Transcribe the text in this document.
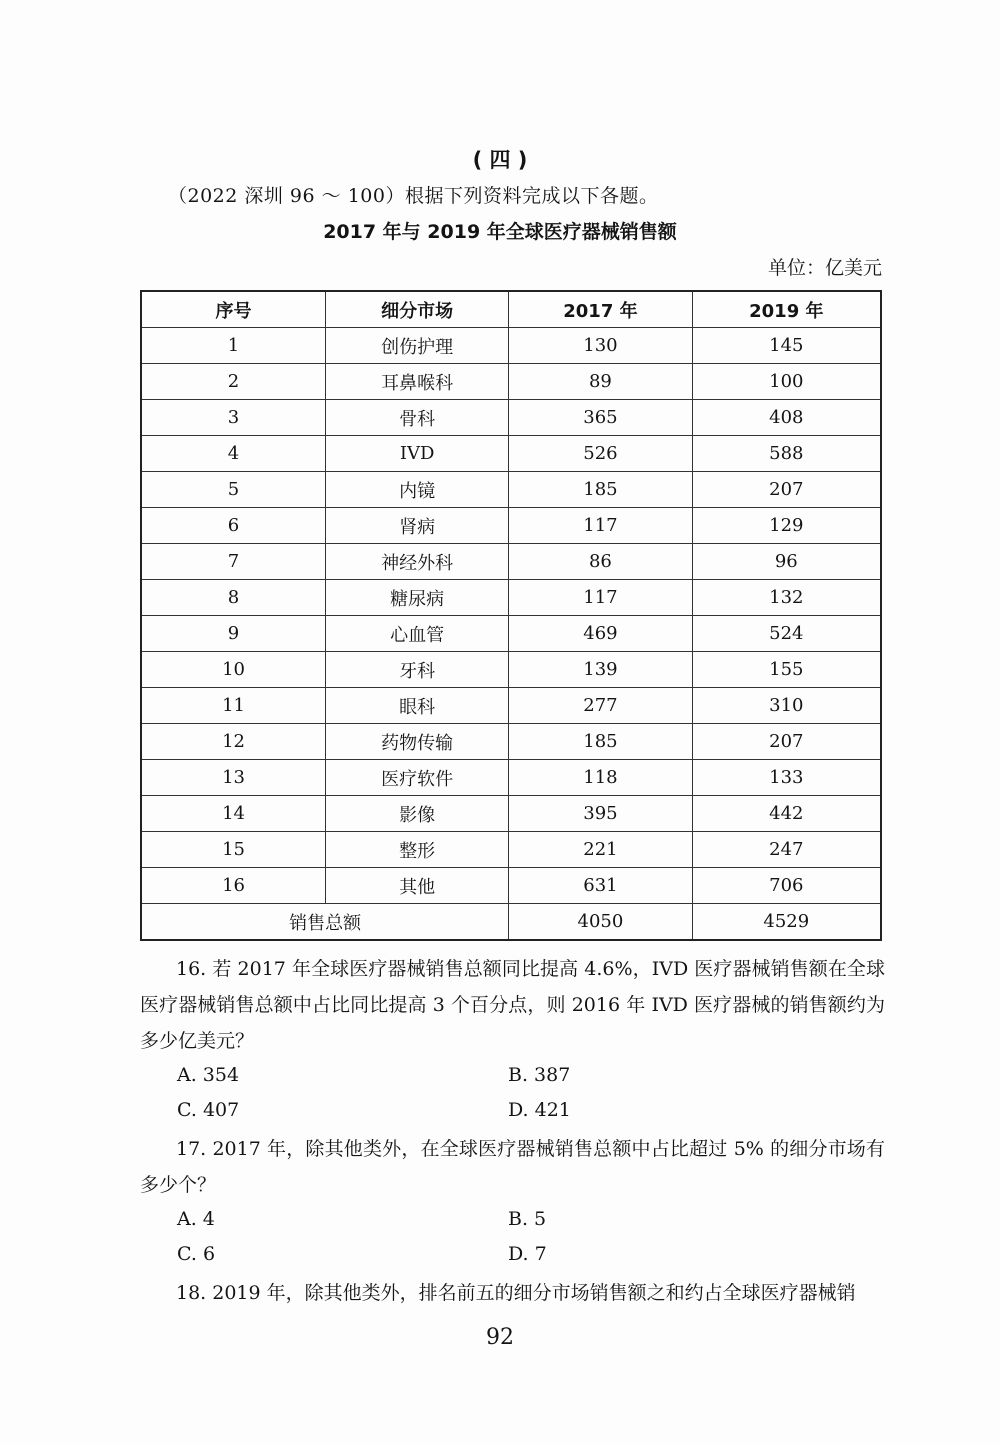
( 四 )
（2022 深圳 96 ～ 100）根据下列资料完成以下各题。
2017 年与 2019 年全球医疗器械销售额
单位：亿美元
序号	细分市场	2017 年	2019 年
1	创伤护理	130	145
2	耳鼻喉科	89	100
3	骨科	365	408
4	IVD	526	588
5	内镜	185	207
6	肾病	117	129
7	神经外科	86	96
8	糖尿病	117	132
9	心血管	469	524
10	牙科	139	155
11	眼科	277	310
12	药物传输	185	207
13	医疗软件	118	133
14	影像	395	442
15	整形	221	247
16	其他	631	706
销售总额		4050	4529
16. 若 2017 年全球医疗器械销售总额同比提高 4.6%，IVD 医疗器械销售额在全球医疗器械销售总额中占比同比提高 3 个百分点，则 2016 年 IVD 医疗器械的销售额约为多少亿美元？
A. 354	B. 387
C. 407	D. 421
17. 2017 年，除其他类外，在全球医疗器械销售总额中占比超过 5% 的细分市场有多少个？
A. 4	B. 5
C. 6	D. 7
18. 2019 年，除其他类外，排名前五的细分市场销售额之和约占全球医疗器械销
92
